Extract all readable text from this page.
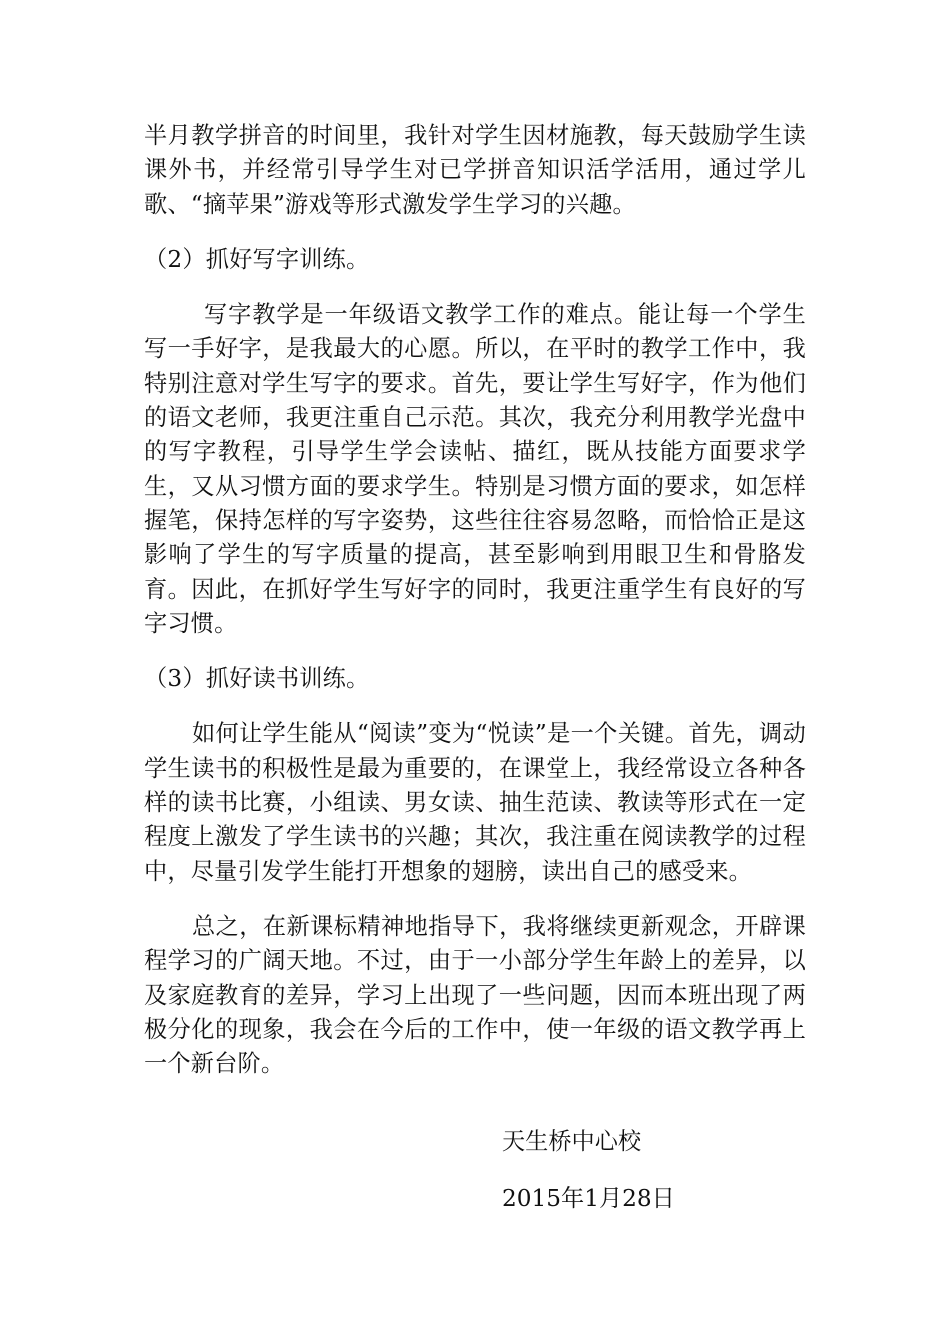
半月教学拼音的时间里，我针对学生因材施教，每天鼓励学生读课外书，并经常引导学生对已学拼音知识活学活用，通过学儿歌、“摘苹果”游戏等形式激发学生学习的兴趣。

（2）抓好写字训练。

写字教学是一年级语文教学工作的难点。能让每一个学生写一手好字，是我最大的心愿。所以，在平时的教学工作中，我特别注意对学生写字的要求。首先，要让学生写好字，作为他们的语文老师，我更注重自己示范。其次，我充分利用教学光盘中的写字教程，引导学生学会读帖、描红，既从技能方面要求学生，又从习惯方面的要求学生。特别是习惯方面的要求，如怎样握笔，保持怎样的写字姿势，这些往往容易忽略，而恰恰正是这影响了学生的写字质量的提高，甚至影响到用眼卫生和骨胳发育。因此，在抓好学生写好字的同时，我更注重学生有良好的写字习惯。

（3）抓好读书训练。

如何让学生能从“阅读”变为“悦读”是一个关键。首先，调动学生读书的积极性是最为重要的，在课堂上，我经常设立各种各样的读书比赛，小组读、男女读、抽生范读、教读等形式在一定程度上激发了学生读书的兴趣；其次，我注重在阅读教学的过程中，尽量引发学生能打开想象的翅膀，读出自己的感受来。

总之，在新课标精神地指导下，我将继续更新观念，开辟课程学习的广阔天地。不过，由于一小部分学生年龄上的差异，以及家庭教育的差异，学习上出现了一些问题，因而本班出现了两极分化的现象，我会在今后的工作中，使一年级的语文教学再上一个新台阶。

天生桥中心校
2015年1月28日
